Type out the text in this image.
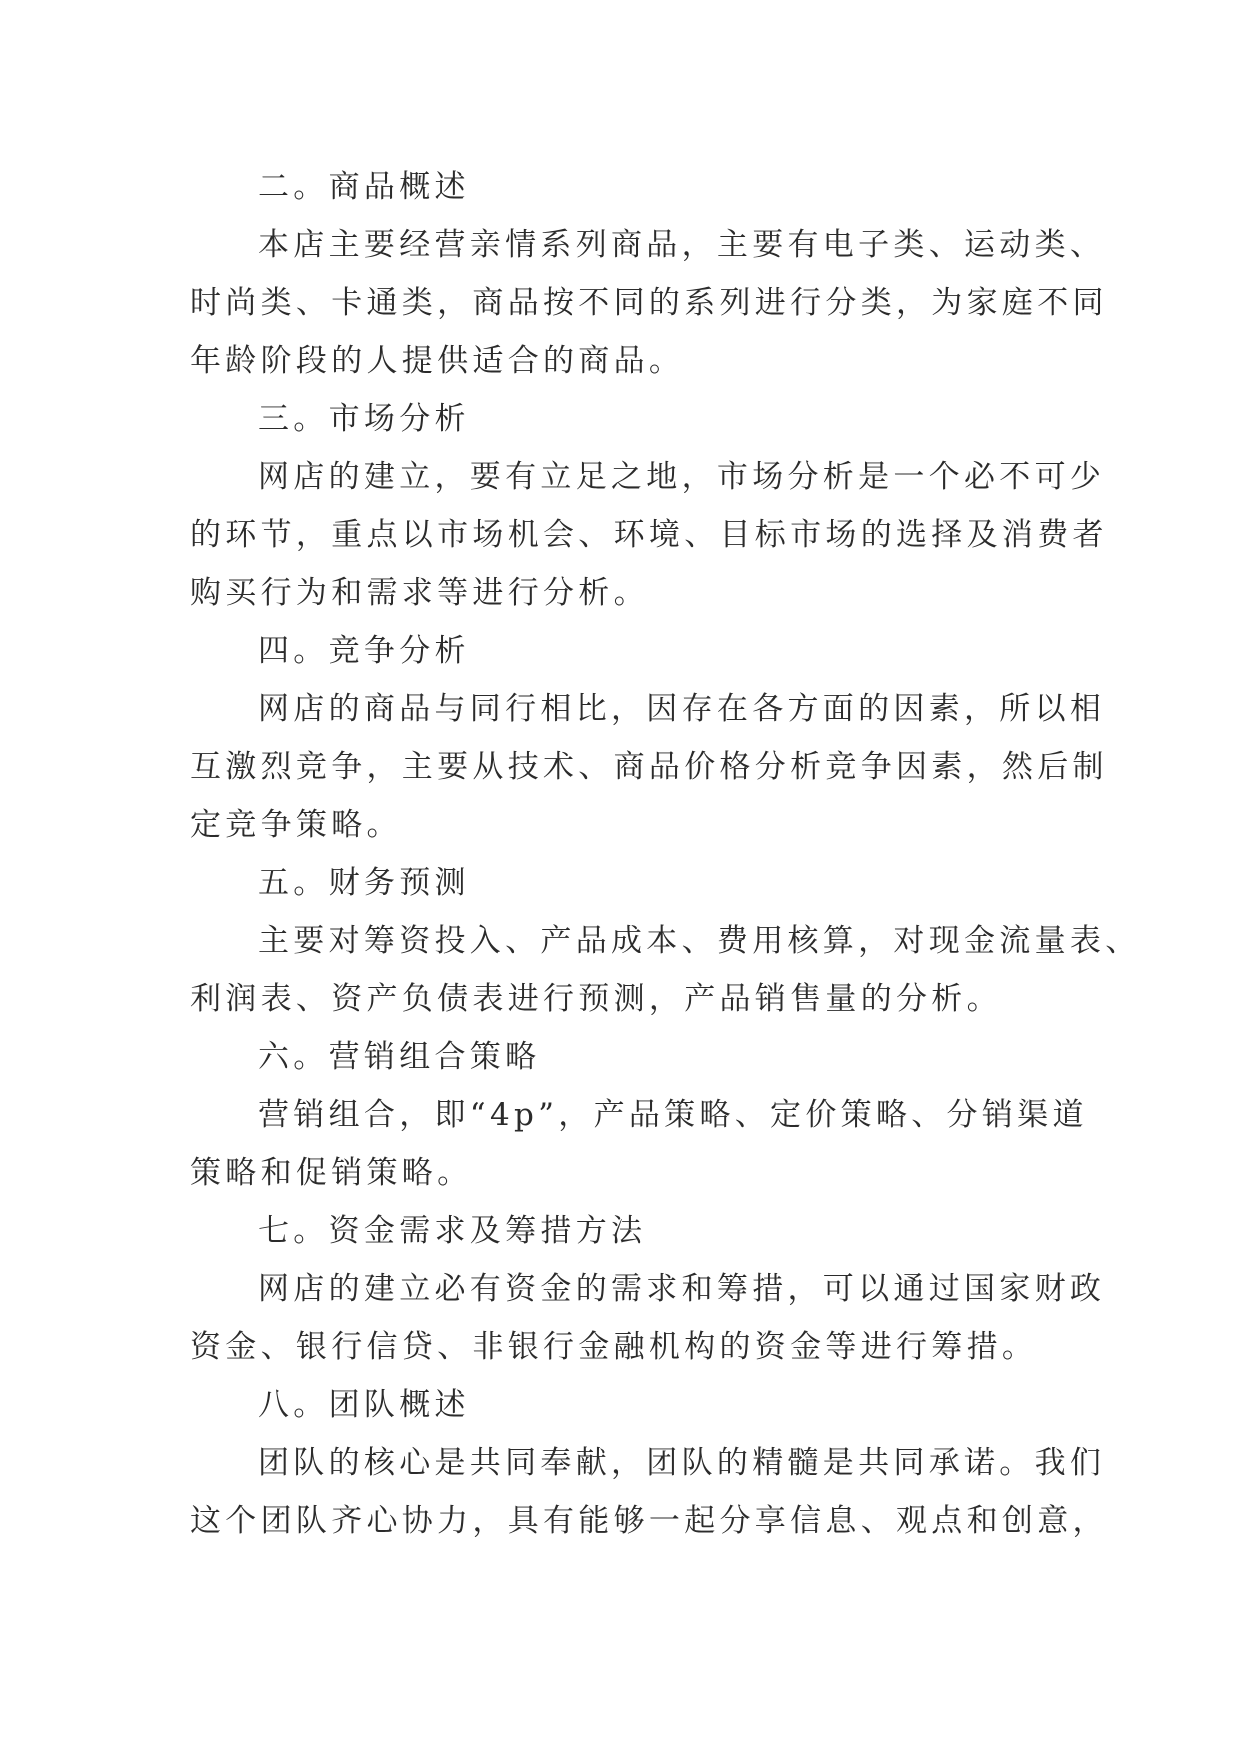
二。商品概述
本店主要经营亲情系列商品，主要有电子类、运动类、
时尚类、卡通类，商品按不同的系列进行分类，为家庭不同
年龄阶段的人提供适合的商品。
三。市场分析
网店的建立，要有立足之地，市场分析是一个必不可少
的环节，重点以市场机会、环境、目标市场的选择及消费者
购买行为和需求等进行分析。
四。竞争分析
网店的商品与同行相比，因存在各方面的因素，所以相
互激烈竞争，主要从技术、商品价格分析竞争因素，然后制
定竞争策略。
五。财务预测
主要对筹资投入、产品成本、费用核算，对现金流量表、
利润表、资产负债表进行预测，产品销售量的分析。
六。营销组合策略
营销组合，即“4p”，产品策略、定价策略、分销渠道
策略和促销策略。
七。资金需求及筹措方法
网店的建立必有资金的需求和筹措，可以通过国家财政
资金、银行信贷、非银行金融机构的资金等进行筹措。
八。团队概述
团队的核心是共同奉献，团队的精髓是共同承诺。我们
这个团队齐心协力，具有能够一起分享信息、观点和创意，
